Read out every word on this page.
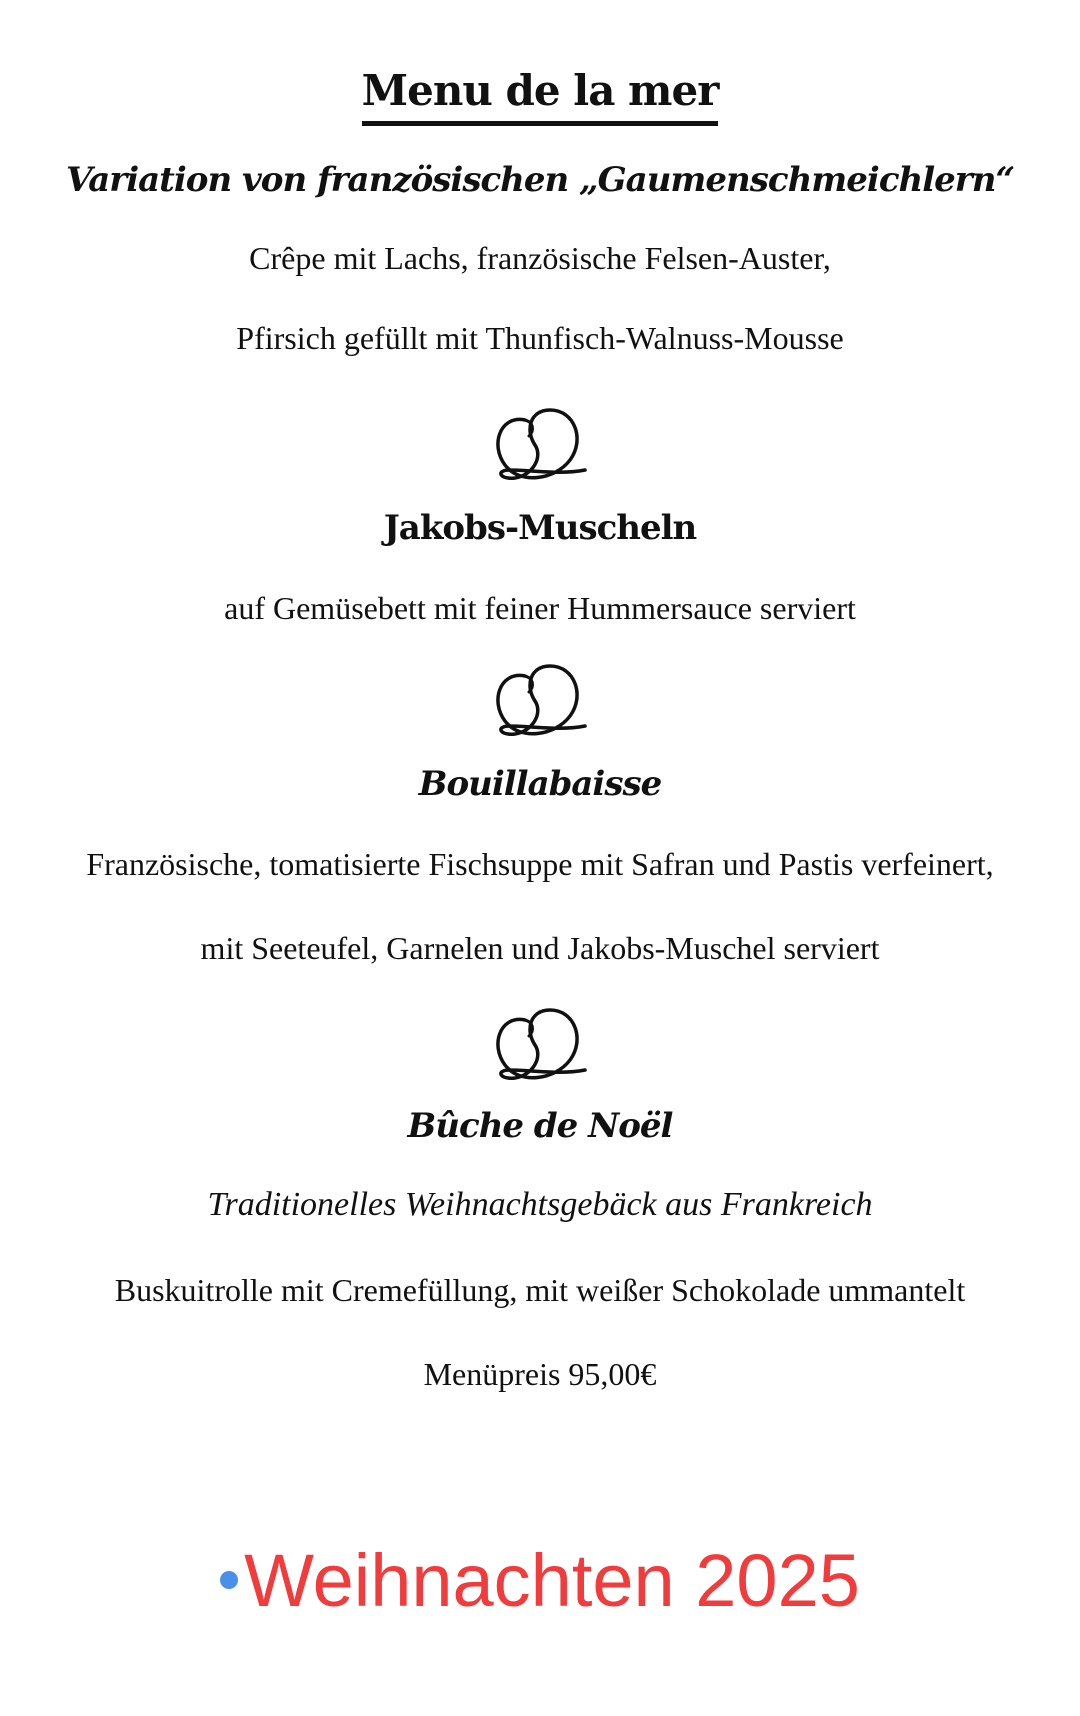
Menu de la mer
Variation von französischen „Gaumenschmeichlern“
Crêpe mit Lachs, französische Felsen-Auster,
Pfirsich gefüllt mit Thunfisch-Walnuss-Mousse
Jakobs-Muscheln
auf Gemüsebett mit feiner Hummersauce serviert
Bouillabaisse
Französische, tomatisierte Fischsuppe mit Safran und Pastis verfeinert,
mit Seeteufel, Garnelen und Jakobs-Muschel serviert
Bûche de Noël
Traditionelles Weihnachtsgebäck aus Frankreich
Buskuitrolle mit Cremefüllung, mit weißer Schokolade ummantelt
Menüpreis 95,00€
Weihnachten 2025
